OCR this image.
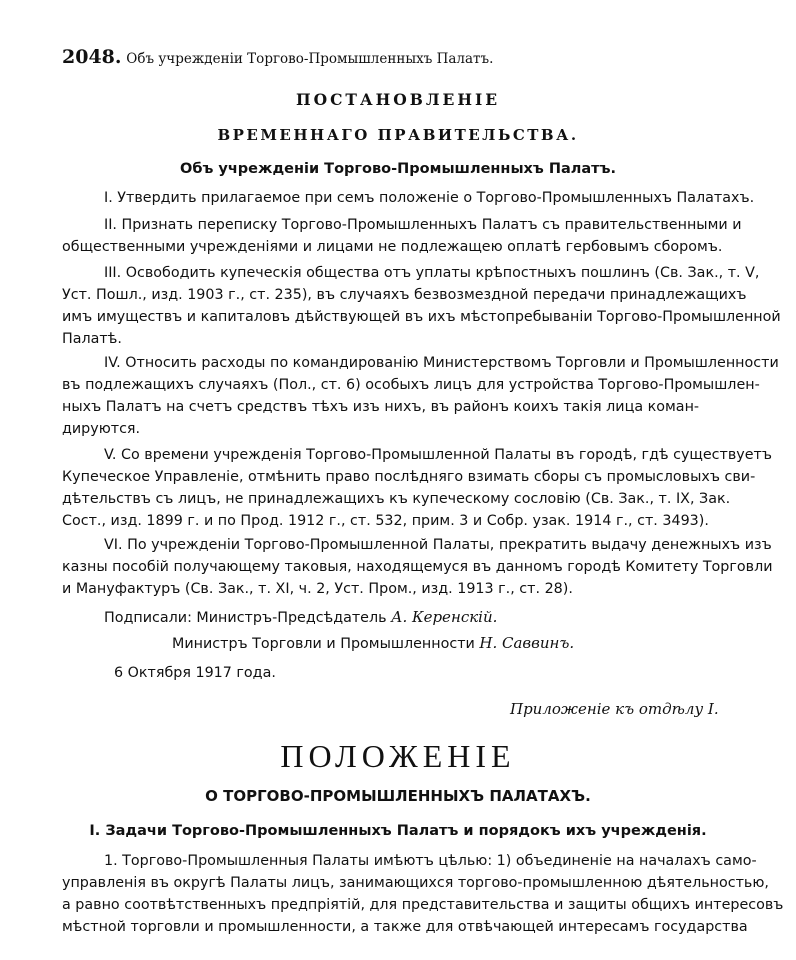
2048. Объ учрежденіи Торгово-Промышленныхъ Палатъ.
ПОСТАНОВЛЕНІЕ
ВРЕМЕННАГО ПРАВИТЕЛЬСТВА.
Объ учрежденіи Торгово-Промышленныхъ Палатъ.
I. Утвердить прилагаемое при семъ положеніе о Торгово-Промышленныхъ Палатахъ.
II. Признать переписку Торгово-Промышленныхъ Палатъ съ правительственными и
общественными учрежденіями и лицами не подлежащею оплатѣ гербовымъ сборомъ.
III. Освободить купеческія общества отъ уплаты крѣпостныхъ пошлинъ (Св. Зак., т. V,
Уст. Пошл., изд. 1903 г., ст. 235), въ случаяхъ безвозмездной передачи принадлежащихъ
имъ имуществъ и капиталовъ дѣйствующей въ ихъ мѣстопребываніи Торгово-Промышленной
Палатѣ.
IV. Относить расходы по командированію Министерствомъ Торговли и Промышленности
въ подлежащихъ случаяхъ (Пол., ст. 6) особыхъ лицъ для устройства Торгово-Промышлен-
ныхъ Палатъ на счетъ средствъ тѣхъ изъ нихъ, въ районъ коихъ такія лица коман-
дируются.
V. Со времени учрежденія Торгово-Промышленной Палаты въ городѣ, гдѣ существуетъ
Купеческое Управленіе, отмѣнить право послѣдняго взимать сборы съ промысловыхъ сви-
дѣтельствъ съ лицъ, не принадлежащихъ къ купеческому сословію (Св. Зак., т. IX, Зак.
Сост., изд. 1899 г. и по Прод. 1912 г., ст. 532, прим. 3 и Собр. узак. 1914 г., ст. 3493).
VI. По учрежденіи Торгово-Промышленной Палаты, прекратить выдачу денежныхъ изъ
казны пособій получающему таковыя, находящемуся въ данномъ городѣ Комитету Торговли
и Мануфактуръ (Св. Зак., т. XI, ч. 2, Уст. Пром., изд. 1913 г., ст. 28).
Подписали: Министръ-Предсѣдатель А. Керенскій.
Министръ Торговли и Промышленности Н. Саввинъ.
6 Октября 1917 года.
Приложеніе къ отдѣлу I.
ПОЛОЖЕНІЕ
О ТОРГОВО-ПРОМЫШЛЕННЫХЪ ПАЛАТАХЪ.
I. Задачи Торгово-Промышленныхъ Палатъ и порядокъ ихъ учрежденія.
1. Торгово-Промышленныя Палаты имѣютъ цѣлью: 1) объединеніе на началахъ само-
управленія въ округѣ Палаты лицъ, занимающихся торгово-промышленною дѣятельностью,
а равно соотвѣтственныхъ предпріятій, для представительства и защиты общихъ интересовъ
мѣстной торговли и промышленности, а также для отвѣчающей интересамъ государства
